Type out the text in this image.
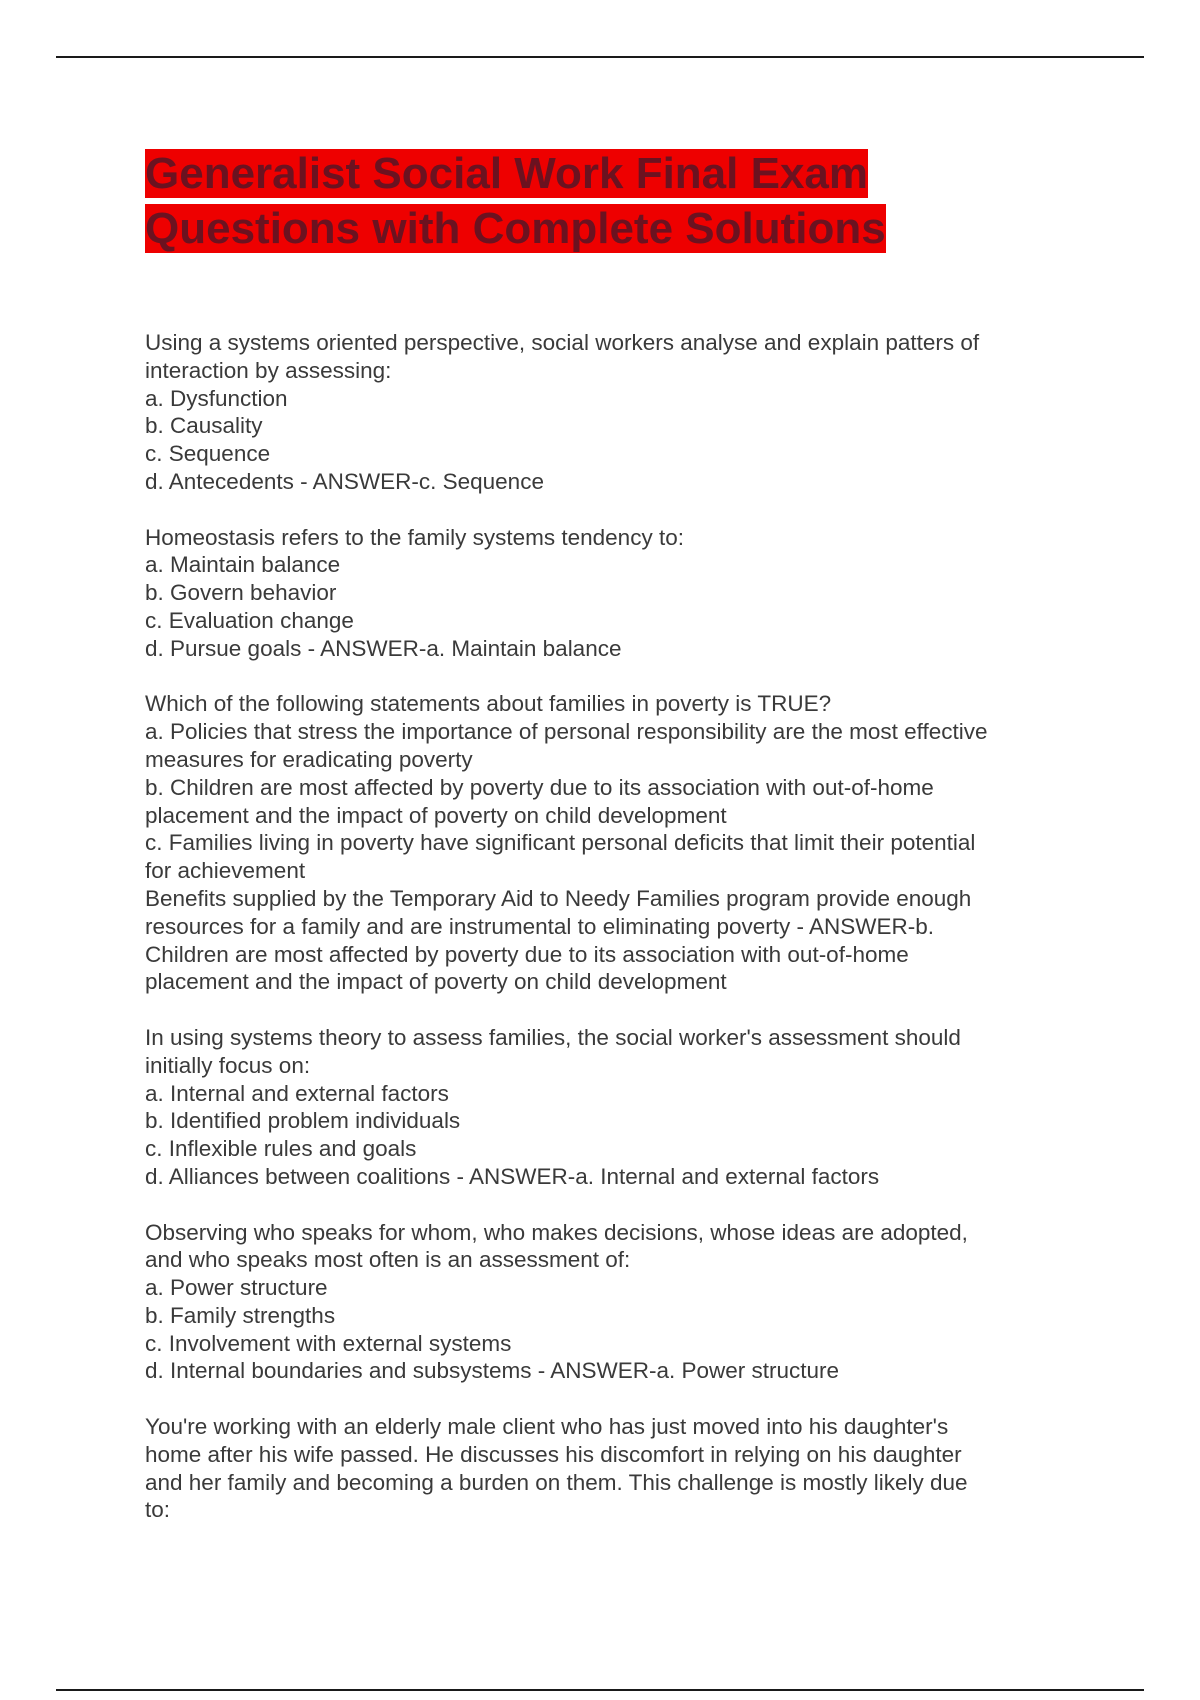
Generalist Social Work Final Exam
Questions with Complete Solutions
Using a systems oriented perspective, social workers analyse and explain patters of
interaction by assessing:
a. Dysfunction
b. Causality
c. Sequence
d. Antecedents - ANSWER-c. Sequence
Homeostasis refers to the family systems tendency to:
a. Maintain balance
b. Govern behavior
c. Evaluation change
d. Pursue goals - ANSWER-a. Maintain balance
Which of the following statements about families in poverty is TRUE?
a. Policies that stress the importance of personal responsibility are the most effective
measures for eradicating poverty
b. Children are most affected by poverty due to its association with out-of-home
placement and the impact of poverty on child development
c. Families living in poverty have significant personal deficits that limit their potential
for achievement
Benefits supplied by the Temporary Aid to Needy Families program provide enough
resources for a family and are instrumental to eliminating poverty - ANSWER-b.
Children are most affected by poverty due to its association with out-of-home
placement and the impact of poverty on child development
In using systems theory to assess families, the social worker's assessment should
initially focus on:
a. Internal and external factors
b. Identified problem individuals
c. Inflexible rules and goals
d. Alliances between coalitions - ANSWER-a. Internal and external factors
Observing who speaks for whom, who makes decisions, whose ideas are adopted,
and who speaks most often is an assessment of:
a. Power structure
b. Family strengths
c. Involvement with external systems
d. Internal boundaries and subsystems - ANSWER-a. Power structure
You're working with an elderly male client who has just moved into his daughter's
home after his wife passed. He discusses his discomfort in relying on his daughter
and her family and becoming a burden on them. This challenge is mostly likely due
to:
